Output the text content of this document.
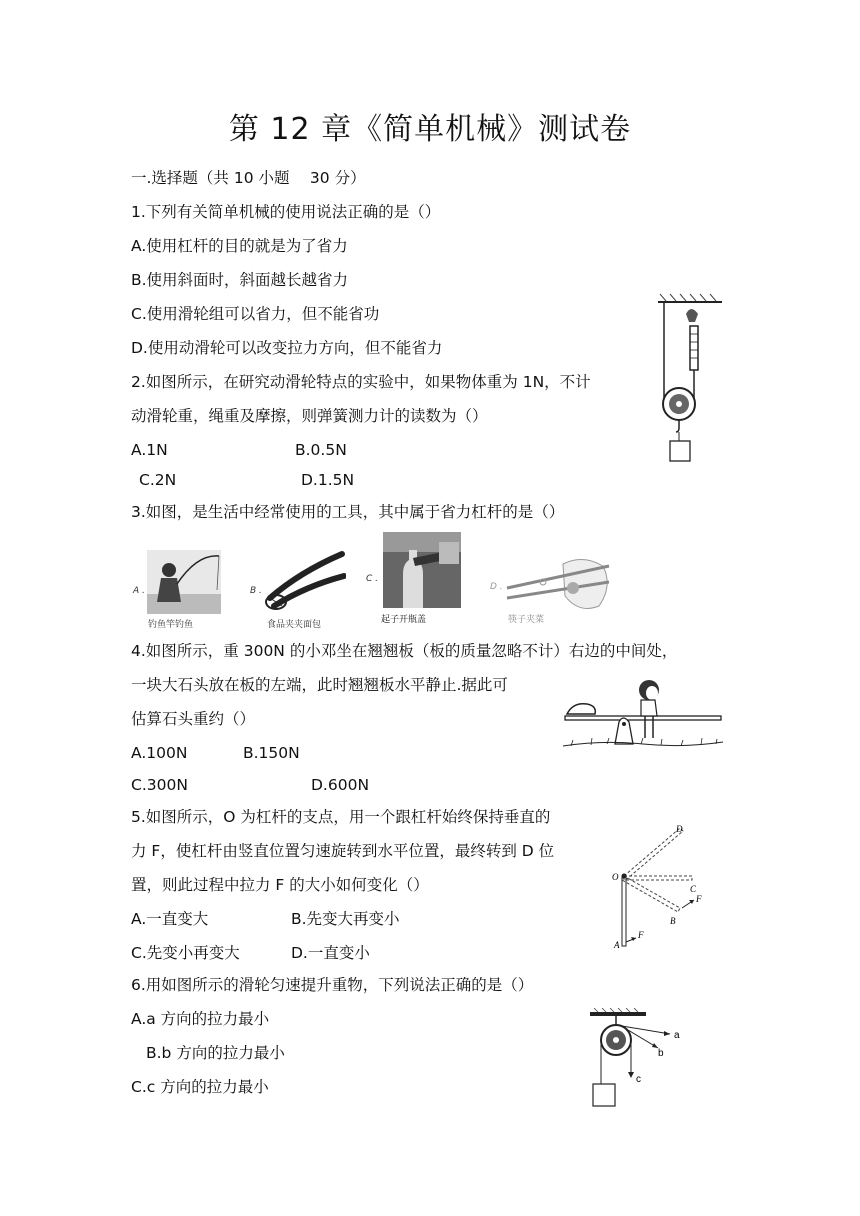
第 12 章《简单机械》测试卷
一.选择题（共 10 小题　 30 分）
1.下列有关简单机械的使用说法正确的是（）
A.使用杠杆的目的就是为了省力
B.使用斜面时，斜面越长越省力
C.使用滑轮组可以省力，但不能省功
D.使用动滑轮可以改变拉力方向，但不能省力
2.如图所示，在研究动滑轮特点的实验中，如果物体重为 1N，不计
动滑轮重，绳重及摩擦，则弹簧测力计的读数为（）
A.1N	B.0.5N
C.2N	D.1.5N
3.如图，是生活中经常使用的工具，其中属于省力杠杆的是（）
A .
钓鱼竿钓鱼
B .
食品夹夹面包
C .
起子开瓶盖
D .
筷子夹菜
4.如图所示，重 300N 的小邓坐在翘翘板（板的质量忽略不计）右边的中间处，
一块大石头放在板的左端，此时翘翘板水平静止.据此可
估算石头重约（）
A.100N	B.150N
C.300N	D.600N
5.如图所示，O 为杠杆的支点，用一个跟杠杆始终保持垂直的
力 F，使杠杆由竖直位置匀速旋转到水平位置，最终转到 D 位
置，则此过程中拉力 F 的大小如何变化（）
A.一直变大	B.先变大再变小
C.先变小再变大	D.一直变小
D
O
C
F
B
A
F
6.用如图所示的滑轮匀速提升重物，下列说法正确的是（）
A.a 方向的拉力最小
B.b 方向的拉力最小
C.c 方向的拉力最小
a
b
c
